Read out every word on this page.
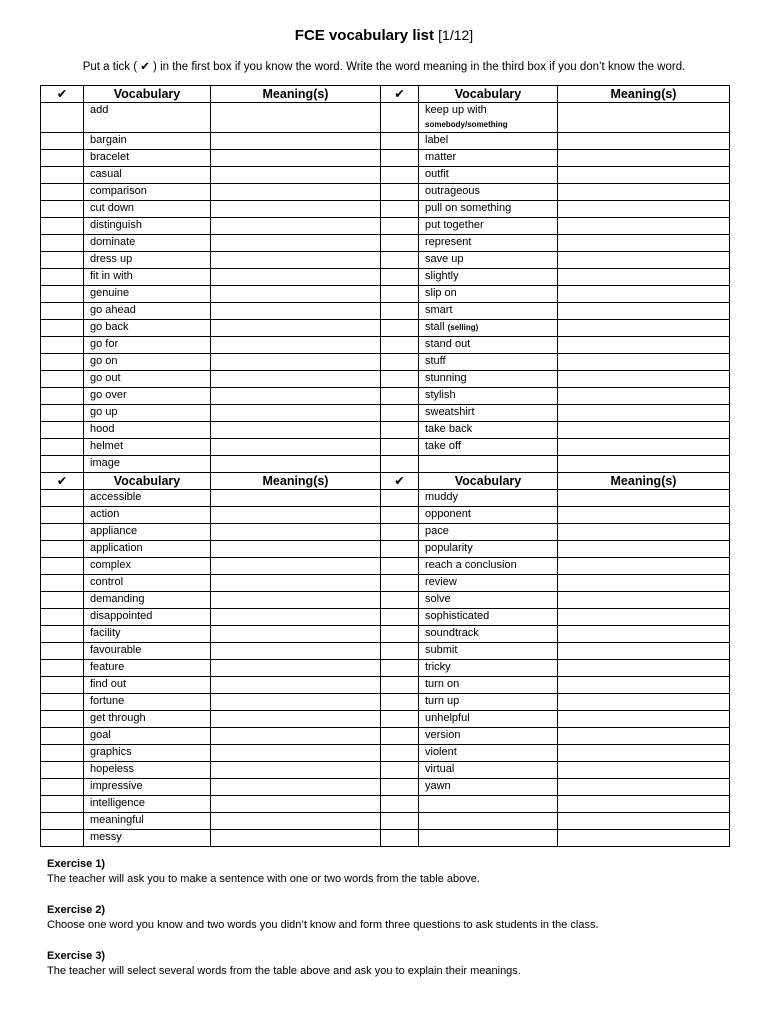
FCE vocabulary list [1/12]
Put a tick ( ✔ ) in the first box if you know the word. Write the word meaning in the third box if you don’t know the word.
✔	Vocabulary	Meaning(s)	✔	Vocabulary	Meaning(s)
	add			keep up with
somebody/something	
	bargain			label	
	bracelet			matter	
	casual			outfit	
	comparison			outrageous	
	cut down			pull on something	
	distinguish			put together	
	dominate			represent	
	dress up			save up	
	fit in with			slightly	
	genuine			slip on	
	go ahead			smart	
	go back			stall (selling)	
	go for			stand out	
	go on			stuff	
	go out			stunning	
	go over			stylish	
	go up			sweatshirt	
	hood			take back	
	helmet			take off	
	image				
✔	Vocabulary	Meaning(s)	✔	Vocabulary	Meaning(s)
	accessible			muddy	
	action			opponent	
	appliance			pace	
	application			popularity	
	complex			reach a conclusion	
	control			review	
	demanding			solve	
	disappointed			sophisticated	
	facility			soundtrack	
	favourable			submit	
	feature			tricky	
	find out			turn on	
	fortune			turn up	
	get through			unhelpful	
	goal			version	
	graphics			violent	
	hopeless			virtual	
	impressive			yawn	
	intelligence				
	meaningful				
	messy				
Exercise 1)
The teacher will ask you to make a sentence with one or two words from the table above.
Exercise 2)
Choose one word you know and two words you didn’t know and form three questions to ask students in the class.
Exercise 3)
The teacher will select several words from the table above and ask you to explain their meanings.
